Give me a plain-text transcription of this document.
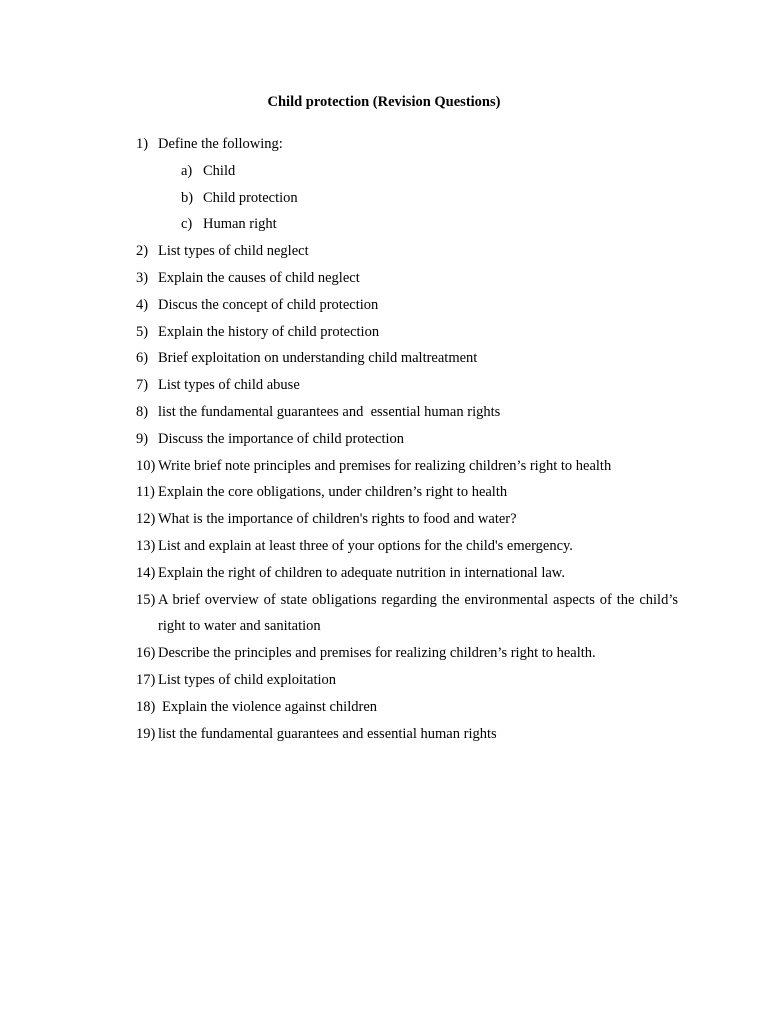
Child protection (Revision Questions)
1) Define the following:
a) Child
b) Child protection
c) Human right
2) List types of child neglect
3) Explain the causes of child neglect
4) Discus the concept of child protection
5) Explain the history of child protection
6) Brief exploitation on understanding child maltreatment
7) List types of child abuse
8) list the fundamental guarantees and  essential human rights
9) Discuss the importance of child protection
10) Write brief note principles and premises for realizing children’s right to health
11) Explain the core obligations, under children’s right to health
12) What is the importance of children's rights to food and water?
13) List and explain at least three of your options for the child's emergency.
14) Explain the right of children to adequate nutrition in international law.
15) A brief overview of state obligations regarding the environmental aspects of the child’s right to water and sanitation
16) Describe the principles and premises for realizing children’s right to health.
17) List types of child exploitation
18) Explain the violence against children
19) list the fundamental guarantees and essential human rights
